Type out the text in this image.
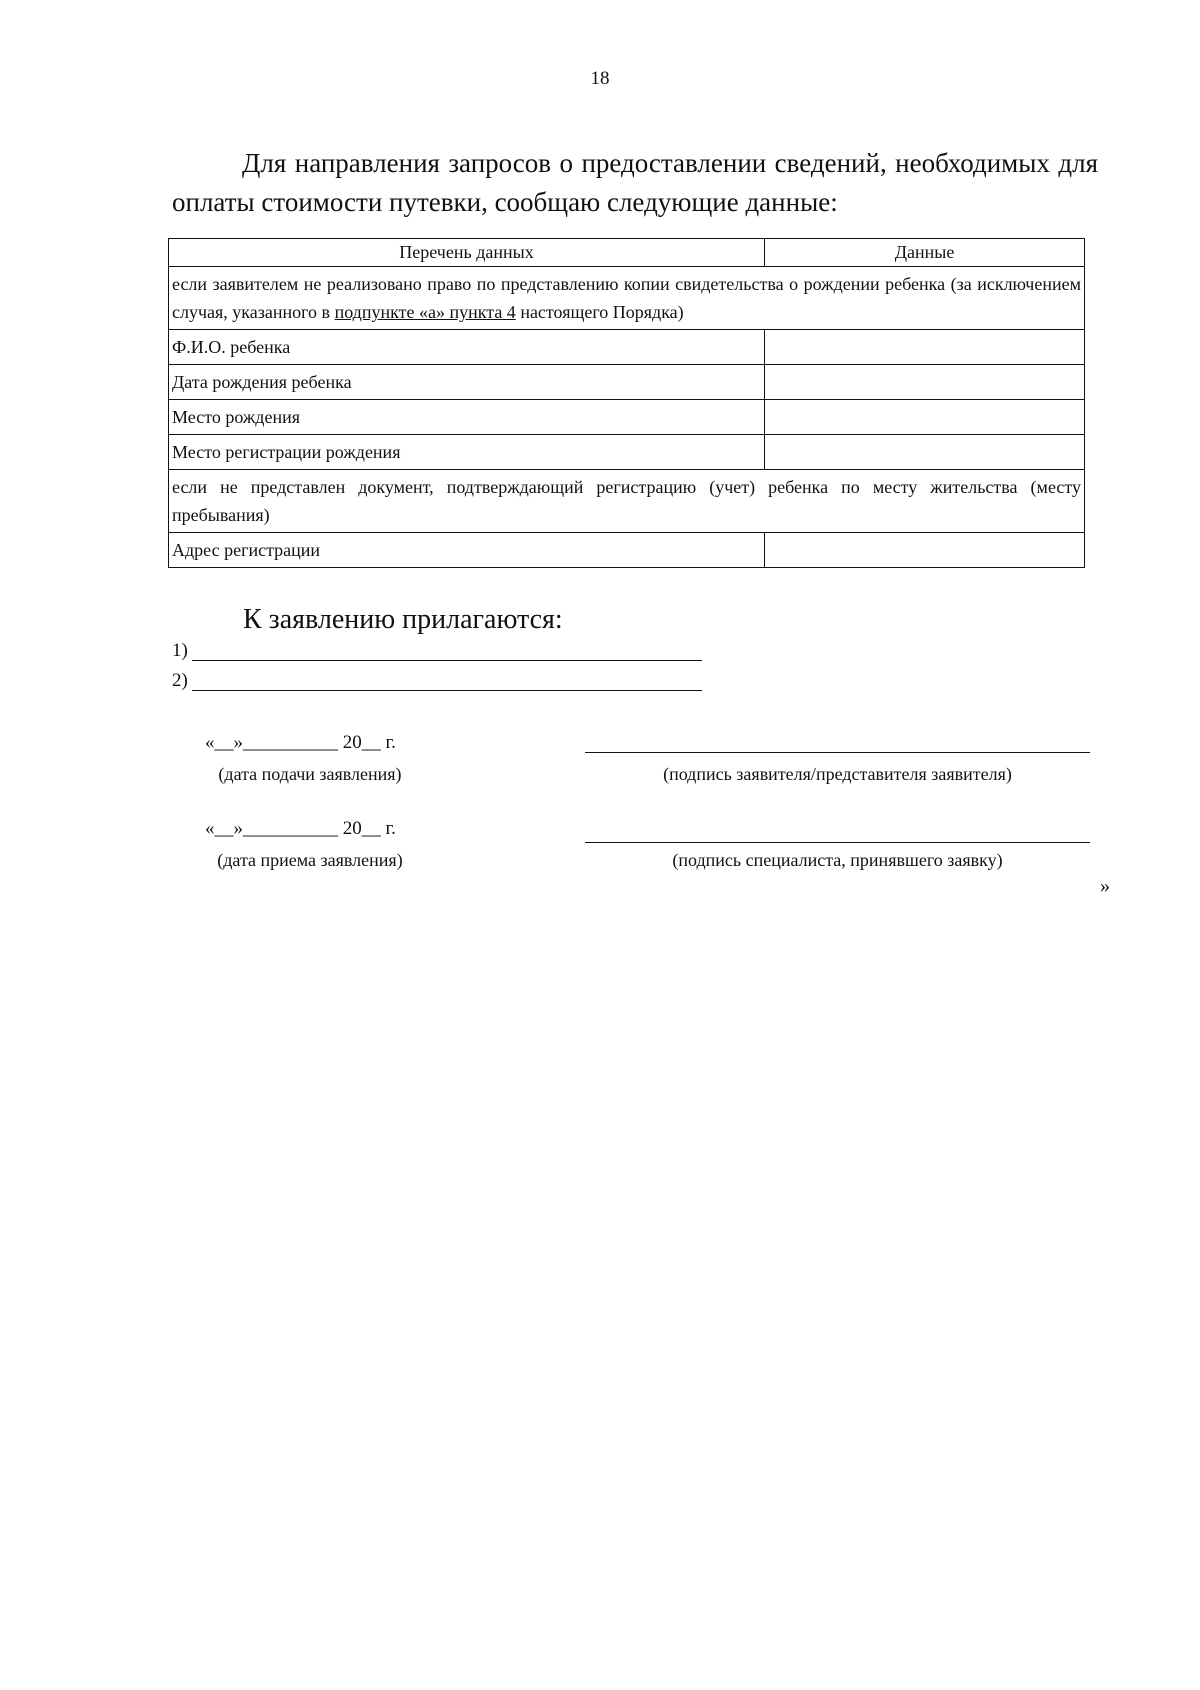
18
Для направления запросов о предоставлении сведений, необходимых для оплаты стоимости путевки, сообщаю следующие данные:
Перечень данных	Данные
если заявителем не реализовано право по представлению копии свидетельства о рождении ребенка (за исключением случая, указанного в подпункте «а» пункта 4 настоящего Порядка)	
Ф.И.О. ребенка	
Дата рождения ребенка	
Место рождения	
Место регистрации рождения	
если не представлен документ, подтверждающий регистрацию (учет) ребенка по месту жительства (месту пребывания)	
Адрес регистрации	
К заявлению прилагаются:
1)
2)
«__»__________ 20__ г.
(дата подачи заявления)	(подпись заявителя/представителя заявителя)
«__»__________ 20__ г.
(дата приема заявления)	(подпись специалиста, принявшего заявку)
»
